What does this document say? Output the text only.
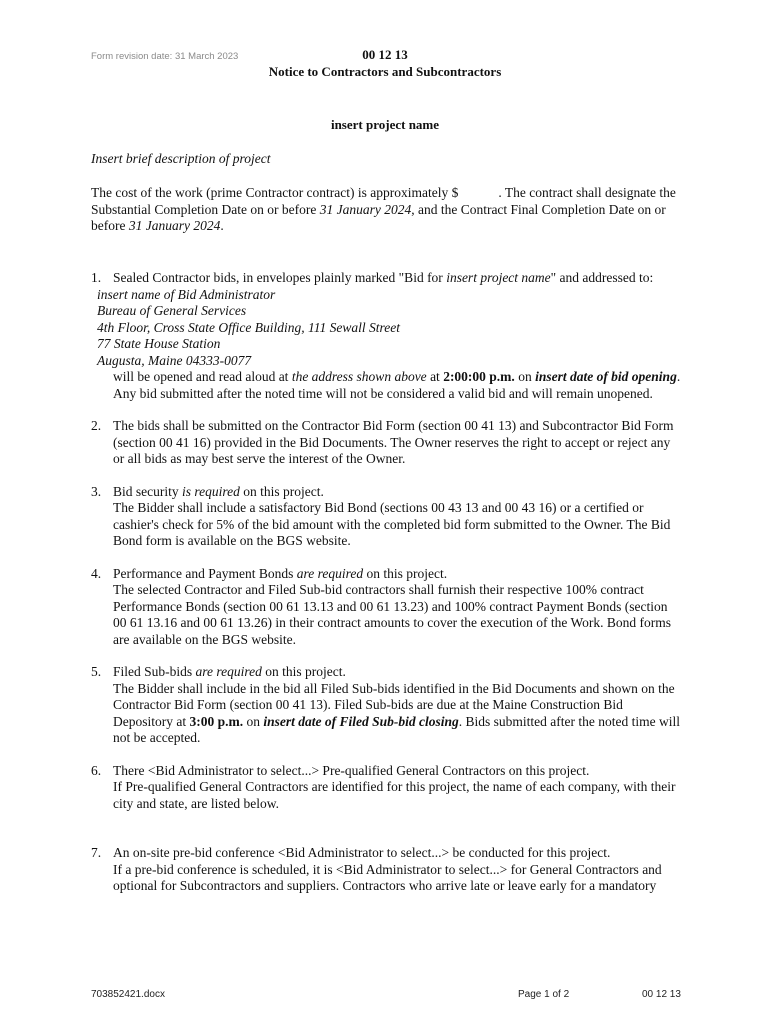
Form revision date: 31 March 2023	00 12 13
Notice to Contractors and Subcontractors
insert project name
Insert brief description of project
The cost of the work (prime Contractor contract) is approximately $	. The contract shall designate the Substantial Completion Date on or before 31 January 2024, and the Contract Final Completion Date on or before 31 January 2024.
1. Sealed Contractor bids, in envelopes plainly marked "Bid for insert project name" and addressed to:
insert name of Bid Administrator
Bureau of General Services
4th Floor, Cross State Office Building, 111 Sewall Street
77 State House Station
Augusta, Maine 04333-0077
will be opened and read aloud at the address shown above at 2:00:00 p.m. on insert date of bid opening. Any bid submitted after the noted time will not be considered a valid bid and will remain unopened.
2. The bids shall be submitted on the Contractor Bid Form (section 00 41 13) and Subcontractor Bid Form (section 00 41 16) provided in the Bid Documents. The Owner reserves the right to accept or reject any or all bids as may best serve the interest of the Owner.
3. Bid security is required on this project.
The Bidder shall include a satisfactory Bid Bond (sections 00 43 13 and 00 43 16) or a certified or cashier's check for 5% of the bid amount with the completed bid form submitted to the Owner. The Bid Bond form is available on the BGS website.
4. Performance and Payment Bonds are required on this project.
The selected Contractor and Filed Sub-bid contractors shall furnish their respective 100% contract Performance Bonds (section 00 61 13.13 and 00 61 13.23) and 100% contract Payment Bonds (section 00 61 13.16 and 00 61 13.26) in their contract amounts to cover the execution of the Work. Bond forms are available on the BGS website.
5. Filed Sub-bids are required on this project.
The Bidder shall include in the bid all Filed Sub-bids identified in the Bid Documents and shown on the Contractor Bid Form (section 00 41 13). Filed Sub-bids are due at the Maine Construction Bid Depository at 3:00 p.m. on insert date of Filed Sub-bid closing. Bids submitted after the noted time will not be accepted.
6. There <Bid Administrator to select...> Pre-qualified General Contractors on this project.
If Pre-qualified General Contractors are identified for this project, the name of each company, with their city and state, are listed below.
7. An on-site pre-bid conference <Bid Administrator to select...> be conducted for this project.
If a pre-bid conference is scheduled, it is <Bid Administrator to select...> for General Contractors and optional for Subcontractors and suppliers. Contractors who arrive late or leave early for a mandatory
703852421.docx	Page 1 of 2	00 12 13
